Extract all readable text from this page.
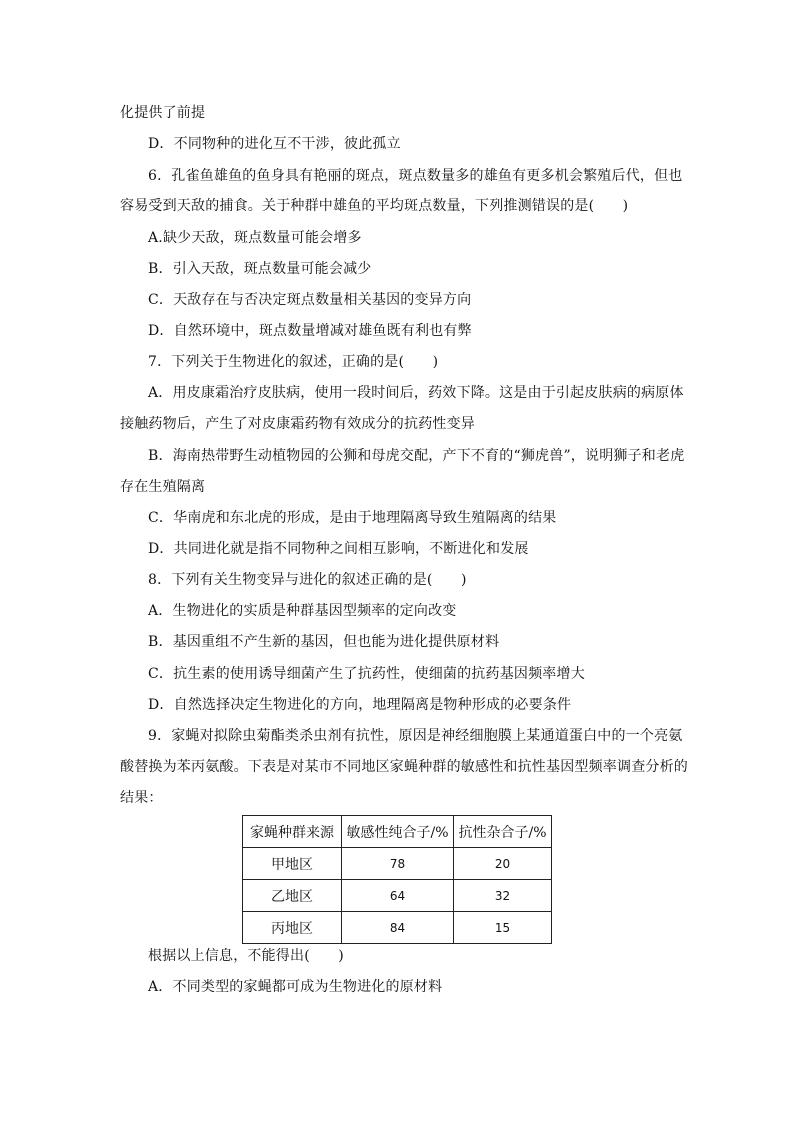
化提供了前提
D．不同物种的进化互不干涉，彼此孤立
6．孔雀鱼雄鱼的鱼身具有艳丽的斑点，斑点数量多的雄鱼有更多机会繁殖后代，但也
容易受到天敌的捕食。关于种群中雄鱼的平均斑点数量，下列推测错误的是(　　)
A.缺少天敌，斑点数量可能会增多
B．引入天敌，斑点数量可能会减少
C．天敌存在与否决定斑点数量相关基因的变异方向
D．自然环境中，斑点数量增减对雄鱼既有利也有弊
7．下列关于生物进化的叙述，正确的是(　　)
A．用皮康霜治疗皮肤病，使用一段时间后，药效下降。这是由于引起皮肤病的病原体
接触药物后，产生了对皮康霜药物有效成分的抗药性变异
B．海南热带野生动植物园的公狮和母虎交配，产下不育的“狮虎兽”，说明狮子和老虎
存在生殖隔离
C．华南虎和东北虎的形成，是由于地理隔离导致生殖隔离的结果
D．共同进化就是指不同物种之间相互影响，不断进化和发展
8．下列有关生物变异与进化的叙述正确的是(　　)
A．生物进化的实质是种群基因型频率的定向改变
B．基因重组不产生新的基因，但也能为进化提供原材料
C．抗生素的使用诱导细菌产生了抗药性，使细菌的抗药基因频率增大
D．自然选择决定生物进化的方向，地理隔离是物种形成的必要条件
9．家蝇对拟除虫菊酯类杀虫剂有抗性，原因是神经细胞膜上某通道蛋白中的一个亮氨
酸替换为苯丙氨酸。下表是对某市不同地区家蝇种群的敏感性和抗性基因型频率调查分析的
结果：
家蝇种群来源	敏感性纯合子/%	抗性杂合子/%
甲地区	78	20
乙地区	64	32
丙地区	84	15
根据以上信息，不能得出(　　)
A．不同类型的家蝇都可成为生物进化的原材料
